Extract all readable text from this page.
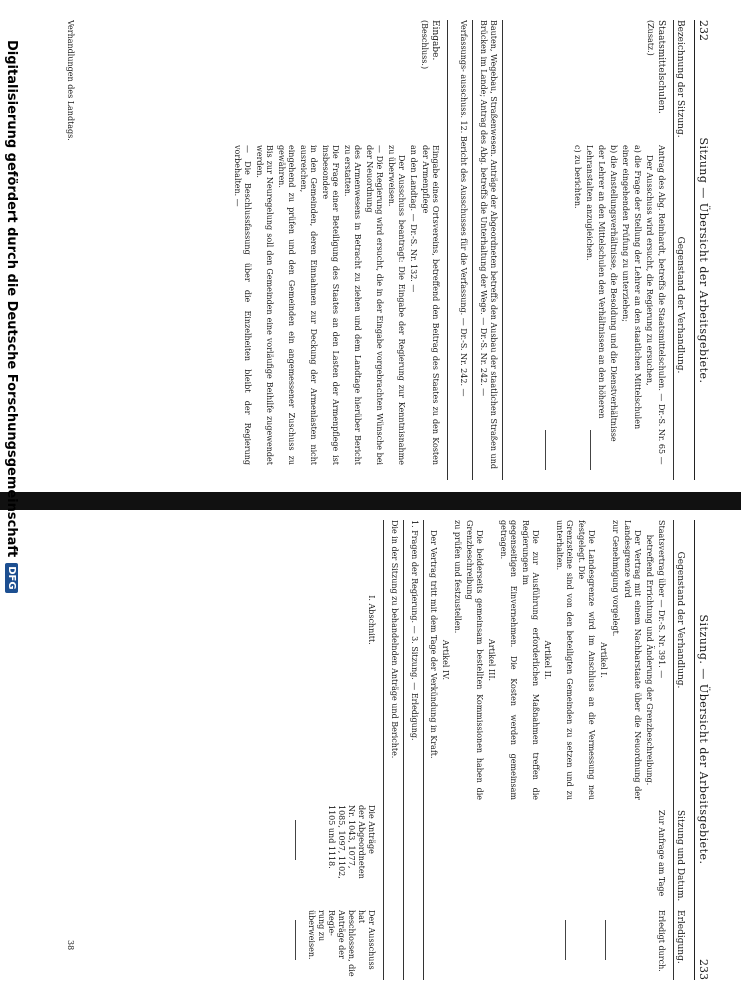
232
Sitzung — Übersicht der Arbeitsgebiete.
Bezeichnung der Sitzung.
Gegenstand der Verhandlung.
Staatsmittelschulen.
(Zusatz.)
Antrag des Abg. Reinhardt, betreffs die Staatsmittelschulen. — Dr.-S. Nr. 65 —
Der Ausschuss wird ersucht, die Regierung zu ersuchen,
a) die Frage der Stellung der Lehrer an den staatlichen Mittelschulen
einer eingehenden Prüfung zu unterziehen;
b) die Anstellungsverhältnisse, die Besoldung und die Dienstverhältnisse
der Lehrer an den Mittelschulen den Verhältnissen an den höheren
Lehranstalten anzugleichen.
c) zu berichten.
Bauten, Wegebau, Straßenwesen. Anträge der Abgeordneten betreffs den Ausbau der staatlichen Straßen und Brücken im Lande; Antrag des Abg. betreffs die Unterhaltung der Wege. — Dr.-S. Nr. 242. —
Verfassungs- ausschuss. 12. Bericht des Ausschusses für die Verfassung. — Dr.-S. Nr. 242. —
Eingabe.
(Beschluss.)
Eingabe eines Ortsvereins, betreffend den Beitrag des Staates zu den Kosten der Armenpflege
an den Landtag. — Dr.-S. Nr. 132. —
Der Ausschuss beantragt: Die Eingabe der Regierung zur Kenntnisnahme zu überweisen.
— Die Regierung wird ersucht, die in der Eingabe vorgebrachten Wünsche bei der Neuordnung
des Armenwesens in Betracht zu ziehen und dem Landtage hierüber Bericht zu erstatten.
Die Frage einer Beteiligung des Staates an den Lasten der Armenpflege ist insbesondere
in den Gemeinden, deren Einnahmen zur Deckung der Armenlasten nicht ausreichen,
eingehend zu prüfen und den Gemeinden ein angemessener Zuschuss zu gewähren.
Bis zur Neuregelung soll den Gemeinden eine vorläufige Beihilfe zugewendet werden.
— Die Beschlussfassung über die Einzelheiten bleibt der Regierung vorbehalten. —
Verhandlungen des Landtags.
Sitzung. — Übersicht der Arbeitsgebiete.
233
Gegenstand der Verhandlung.
Sitzung und Datum.
Erledigung.
Staatsvertrag über — Dr.-S. Nr. 391. —
betreffend Errichtung und Änderung der Grenzbeschreibung.
Der Vertrag mit einem Nachbarstaate über die Neuordnung der Landesgrenze wird
zur Genehmigung vorgelegt.
Artikel I.
Die Landesgrenze wird im Anschluss an die Vermessung neu festgelegt. Die
Grenzsteine sind von den beteiligten Gemeinden zu setzen und zu unterhalten.
Artikel II.
Die zur Ausführung erforderlichen Maßnahmen treffen die Regierungen im
gegenseitigen Einvernehmen. Die Kosten werden gemeinsam getragen.
Artikel III.
Die beiderseits gemeinsam bestellten Kommissionen haben die Grenzbeschreibung
zu prüfen und festzustellen.
Artikel IV.
Der Vertrag tritt mit dem Tage der Verkündung in Kraft.
Zur Anfrage am Tage
Erledigt durch.
1. Fragen der Regierung. — 3. Sitzung. — Erledigung.
Die in der Sitzung zu behandelnden Anträge und Berichte.
I. Abschnitt.
Die Anträge
der Abgeordneten
Nr. 1043, 1077,
1085, 1097, 1102,
1105 und 1118.
Der Ausschuss hat
beschlossen, die
Anträge der Regie-
rung zu überweisen.
38
Digitalisierung gefördert durch die Deutsche Forschungsgemeinschaft
DFG
